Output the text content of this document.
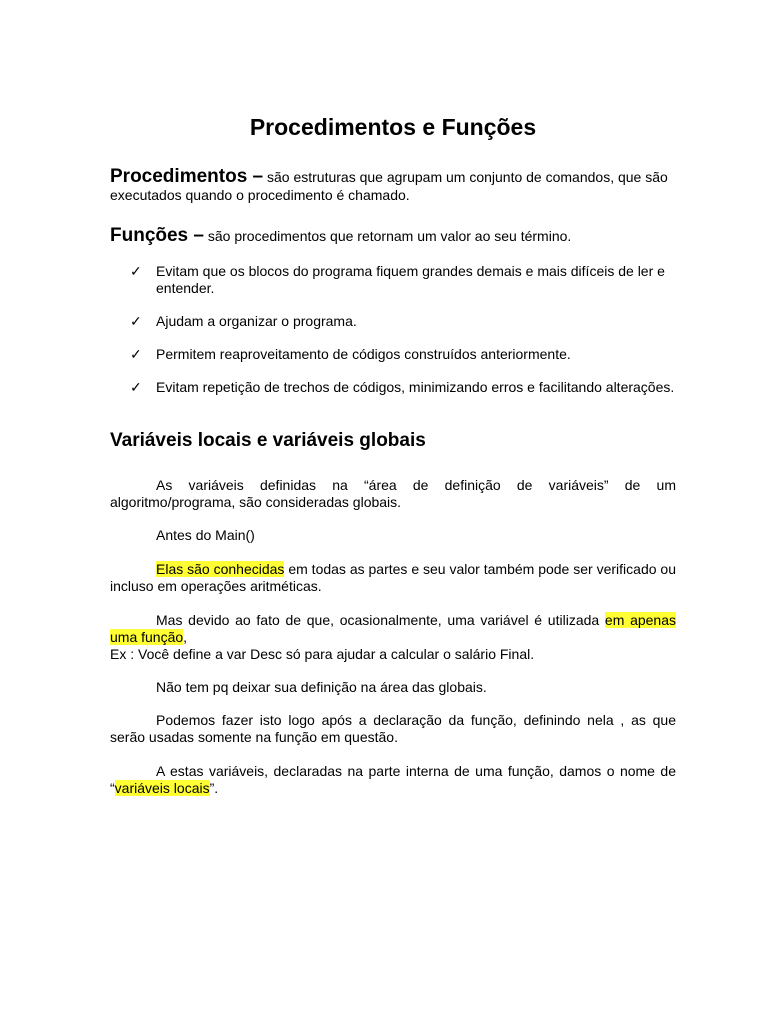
Procedimentos e Funções
Procedimentos – são estruturas que agrupam um conjunto de comandos, que são executados quando o procedimento é chamado.
Funções – são procedimentos que retornam um valor ao seu término.
✓ Evitam que os blocos do programa fiquem grandes demais e mais difíceis de ler e entender.
✓ Ajudam a organizar o programa.
✓ Permitem reaproveitamento de códigos construídos anteriormente.
✓ Evitam repetição de trechos de códigos, minimizando erros e facilitando alterações.
Variáveis locais e variáveis globais

As variáveis definidas na “área de definição de variáveis” de um algoritmo/programa, são consideradas globais.

Antes do Main()

Elas são conhecidas em todas as partes e seu valor também pode ser verificado ou incluso em operações aritméticas.

Mas devido ao fato de que, ocasionalmente, uma variável é utilizada em apenas uma função,
Ex : Você define a var Desc só para ajudar a calcular o salário Final.

Não tem pq deixar sua definição na área das globais.

Podemos fazer isto logo após a declaração da função, definindo nela , as que serão usadas somente na função em questão.

A estas variáveis, declaradas na parte interna de uma função, damos o nome de “variáveis locais”.
